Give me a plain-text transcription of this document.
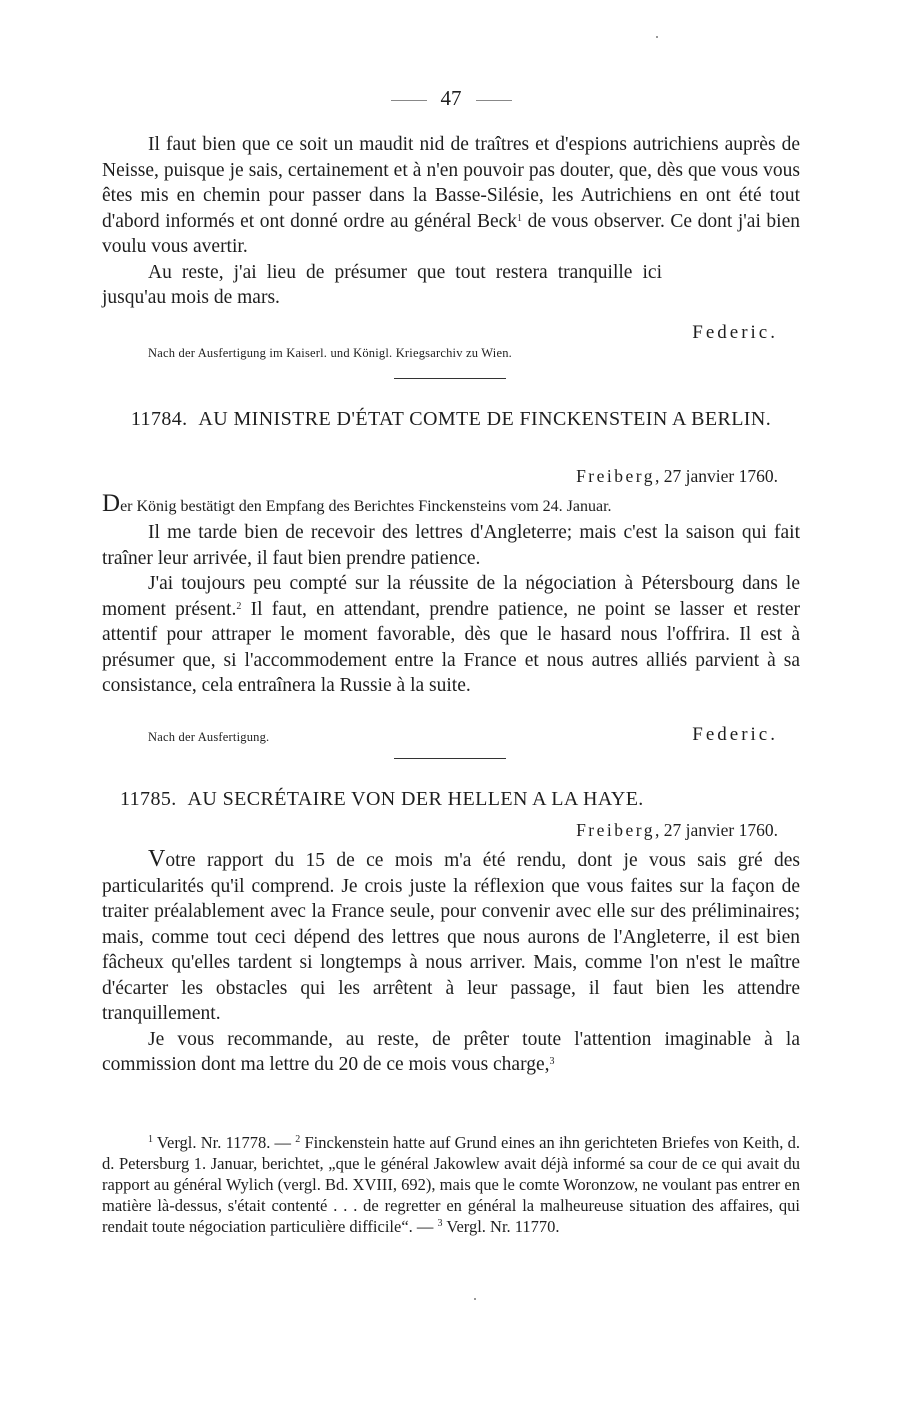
47

Il faut bien que ce soit un maudit nid de traîtres et d'espions autrichiens auprès de Neisse, puisque je sais, certainement et à n'en pouvoir pas douter, que, dès que vous vous êtes mis en chemin pour passer dans la Basse-Silésie, les Autrichiens en ont été tout d'abord informés et ont donné ordre au général Beck$^1$ de vous observer. Ce dont j'ai bien voulu vous avertir.

Au reste, j'ai lieu de présumer que tout restera tranquille ici jusqu'au mois de mars.

Federic.
Nach der Ausfertigung im Kaiserl. und Königl. Kriegsarchiv zu Wien.
11784. AU MINISTRE D'ÉTAT COMTE DE FINCKENSTEIN A BERLIN.
Freiberg, 27 janvier 1760.
Der König bestätigt den Empfang des Berichtes Finckensteins vom 24. Januar.

Il me tarde bien de recevoir des lettres d'Angleterre; mais c'est la saison qui fait traîner leur arrivée, il faut bien prendre patience.

J'ai toujours peu compté sur la réussite de la négociation à Pétersbourg dans le moment présent.$^2$ Il faut, en attendant, prendre patience, ne point se lasser et rester attentif pour attraper le moment favorable, dès que le hasard nous l'offrira. Il est à présumer que, si l'accommodement entre la France et nous autres alliés parvient à sa consistance, cela entraînera la Russie à la suite.

Nach der Ausfertigung.	Federic.
11785. AU SECRÉTAIRE VON DER HELLEN A LA HAYE.
Freiberg, 27 janvier 1760.

Votre rapport du 15 de ce mois m'a été rendu, dont je vous sais gré des particularités qu'il comprend. Je crois juste la réflexion que vous faites sur la façon de traiter préalablement avec la France seule, pour convenir avec elle sur des préliminaires; mais, comme tout ceci dépend des lettres que nous aurons de l'Angleterre, il est bien fâcheux qu'elles tardent si longtemps à nous arriver. Mais, comme l'on n'est le maître d'écarter les obstacles qui les arrêtent à leur passage, il faut bien les attendre tranquillement.

Je vous recommande, au reste, de prêter toute l'attention imaginable à la commission dont ma lettre du 20 de ce mois vous charge,$^3$

$^1$ Vergl. Nr. 11778. — $^2$ Finckenstein hatte auf Grund eines an ihn gerichteten Briefes von Keith, d. d. Petersburg 1. Januar, berichtet, „que le général Jakowlew avait déjà informé sa cour de ce qui avait du rapport au général Wylich (vergl. Bd. XVIII, 692), mais que le comte Woronzow, ne voulant pas entrer en matière là-dessus, s'était contenté . . . de regretter en général la malheureuse situation des affaires, qui rendait toute négociation particulière difficile“. — $^3$ Vergl. Nr. 11770.
